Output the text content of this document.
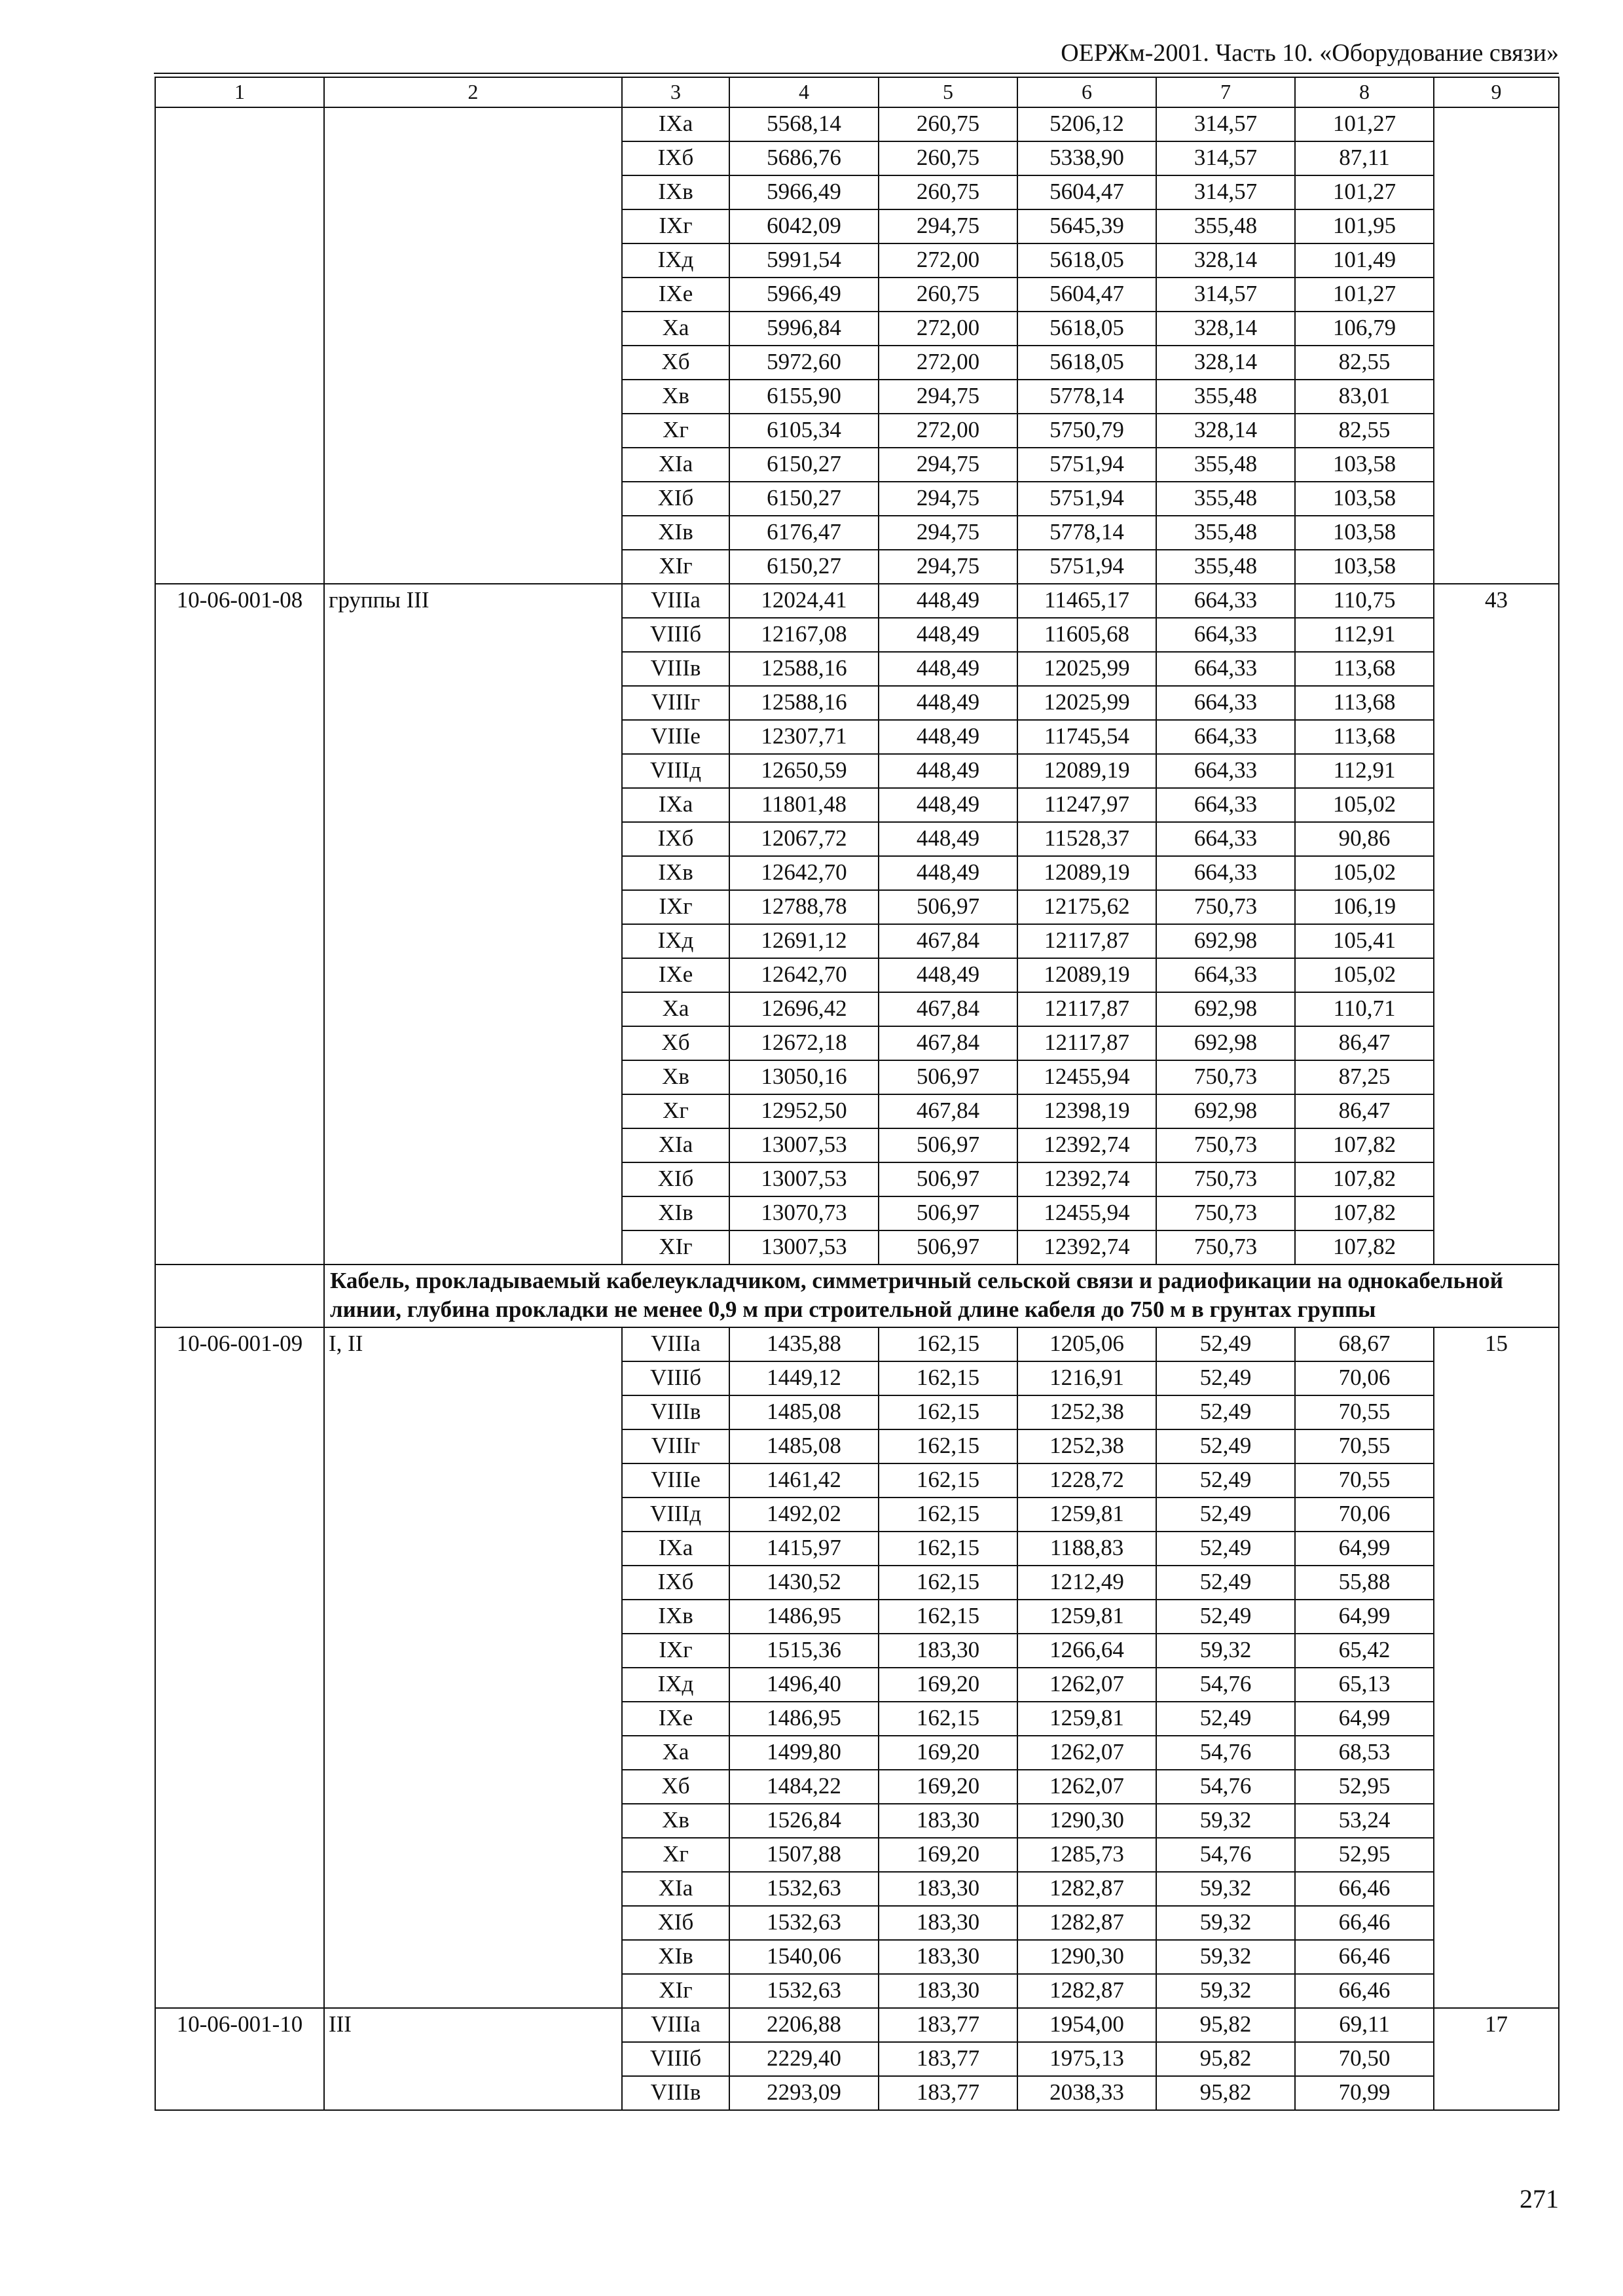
ОЕРЖм-2001. Часть 10. «Оборудование связи»
1	2	3	4	5	6	7	8	9
		IXа	5568,14	260,75	5206,12	314,57	101,27	
		IXб	5686,76	260,75	5338,90	314,57	87,11	
		IXв	5966,49	260,75	5604,47	314,57	101,27	
		IXг	6042,09	294,75	5645,39	355,48	101,95	
		IXд	5991,54	272,00	5618,05	328,14	101,49	
		IXе	5966,49	260,75	5604,47	314,57	101,27	
		Xа	5996,84	272,00	5618,05	328,14	106,79	
		Xб	5972,60	272,00	5618,05	328,14	82,55	
		Xв	6155,90	294,75	5778,14	355,48	83,01	
		Xг	6105,34	272,00	5750,79	328,14	82,55	
		XIа	6150,27	294,75	5751,94	355,48	103,58	
		XIб	6150,27	294,75	5751,94	355,48	103,58	
		XIв	6176,47	294,75	5778,14	355,48	103,58	
		XIг	6150,27	294,75	5751,94	355,48	103,58	
10-06-001-08	группы III	VIIIа	12024,41	448,49	11465,17	664,33	110,75	43
		VIIIб	12167,08	448,49	11605,68	664,33	112,91	
		VIIIв	12588,16	448,49	12025,99	664,33	113,68	
		VIIIг	12588,16	448,49	12025,99	664,33	113,68	
		VIIIе	12307,71	448,49	11745,54	664,33	113,68	
		VIIIд	12650,59	448,49	12089,19	664,33	112,91	
		IXа	11801,48	448,49	11247,97	664,33	105,02	
		IXб	12067,72	448,49	11528,37	664,33	90,86	
		IXв	12642,70	448,49	12089,19	664,33	105,02	
		IXг	12788,78	506,97	12175,62	750,73	106,19	
		IXд	12691,12	467,84	12117,87	692,98	105,41	
		IXе	12642,70	448,49	12089,19	664,33	105,02	
		Xа	12696,42	467,84	12117,87	692,98	110,71	
		Xб	12672,18	467,84	12117,87	692,98	86,47	
		Xв	13050,16	506,97	12455,94	750,73	87,25	
		Xг	12952,50	467,84	12398,19	692,98	86,47	
		XIа	13007,53	506,97	12392,74	750,73	107,82	
		XIб	13007,53	506,97	12392,74	750,73	107,82	
		XIв	13070,73	506,97	12455,94	750,73	107,82	
		XIг	13007,53	506,97	12392,74	750,73	107,82	
	Кабель, прокладываемый кабелеукладчиком, симметричный сельской связи и радиофикации на однокабельной линии, глубина прокладки не менее 0,9 м при строительной длине кабеля до 750 м в грунтах группы							
10-06-001-09	I, II	VIIIа	1435,88	162,15	1205,06	52,49	68,67	15
		VIIIб	1449,12	162,15	1216,91	52,49	70,06	
		VIIIв	1485,08	162,15	1252,38	52,49	70,55	
		VIIIг	1485,08	162,15	1252,38	52,49	70,55	
		VIIIе	1461,42	162,15	1228,72	52,49	70,55	
		VIIIд	1492,02	162,15	1259,81	52,49	70,06	
		IXа	1415,97	162,15	1188,83	52,49	64,99	
		IXб	1430,52	162,15	1212,49	52,49	55,88	
		IXв	1486,95	162,15	1259,81	52,49	64,99	
		IXг	1515,36	183,30	1266,64	59,32	65,42	
		IXд	1496,40	169,20	1262,07	54,76	65,13	
		IXе	1486,95	162,15	1259,81	52,49	64,99	
		Xа	1499,80	169,20	1262,07	54,76	68,53	
		Xб	1484,22	169,20	1262,07	54,76	52,95	
		Xв	1526,84	183,30	1290,30	59,32	53,24	
		Xг	1507,88	169,20	1285,73	54,76	52,95	
		XIа	1532,63	183,30	1282,87	59,32	66,46	
		XIб	1532,63	183,30	1282,87	59,32	66,46	
		XIв	1540,06	183,30	1290,30	59,32	66,46	
		XIг	1532,63	183,30	1282,87	59,32	66,46	
10-06-001-10	III	VIIIа	2206,88	183,77	1954,00	95,82	69,11	17
		VIIIб	2229,40	183,77	1975,13	95,82	70,50	
		VIIIв	2293,09	183,77	2038,33	95,82	70,99	
271
